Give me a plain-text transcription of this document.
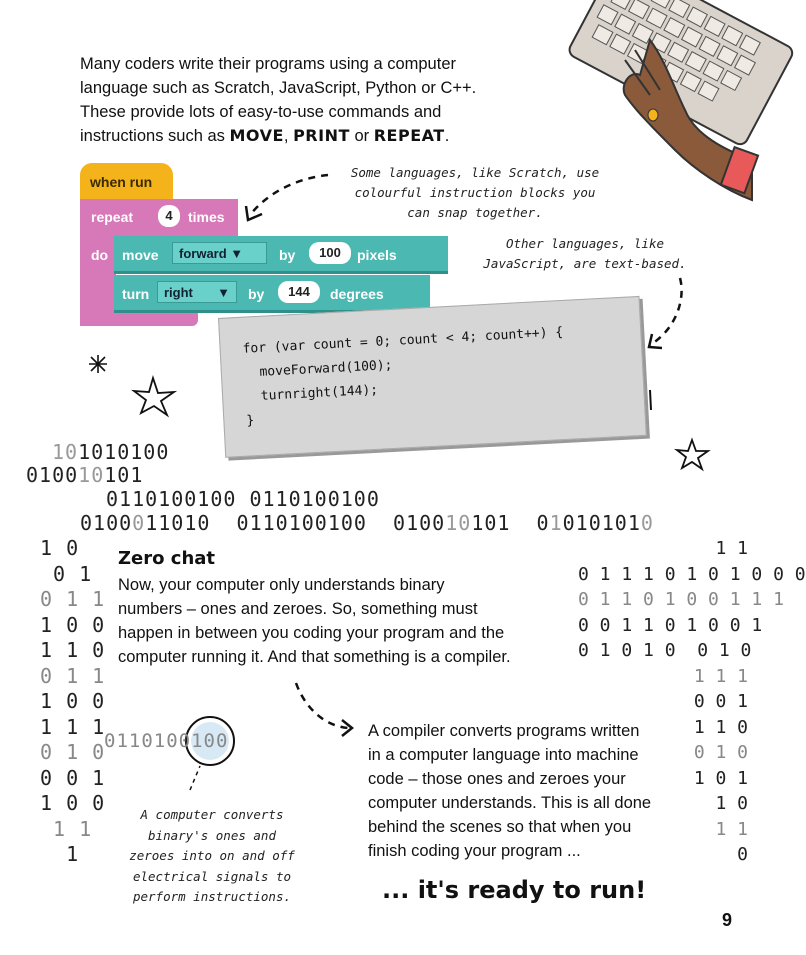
Many coders write their programs using a computer
language such as Scratch, JavaScript, Python or C++.
These provide lots of easy-to-use commands and
instructions such as MOVE, PRINT or REPEAT.
when run
repeat	4	times
do move	forward ▼	by	100	pixels
turn	right ▼ by	144	degrees
Some languages, like Scratch, use
colourful instruction blocks you
can snap together.
Other languages, like
JavaScript, are text-based.
for (var count = 0; count < 4; count++) {
moveForward(100);
turnright(144);
}
101010100
010010101
0110100100 0110100100
0100011010 0110100100 010010101 010101010
1 0
0 1
0 1 1
1 0 0
1 1 0
0 1 1
1 0 0
1 1 1
0 1 0
0 0 1
1 0 0
1 1
1
1 1
0 1 1 1 0 1 0 1 0 0 0
0 1 1 0 1 0 0 1 1 1
0 0 1 1 0 1 0 0 1
0 1 0 1 0  0 1 0
1 1 1
0 0 1
1 1 0
0 1 0
1 0 1
1 0
1 1
0
0110100100
Zero chat
Now, your computer only understands binary
numbers – ones and zeroes. So, something must
happen in between you coding your program and the
computer running it. And that something is a compiler.
A compiler converts programs written
in a computer language into machine
code – those ones and zeroes your
computer understands. This is all done
behind the scenes so that when you
finish coding your program ...
A computer converts
binary's ones and
zeroes into on and off
electrical signals to
perform instructions.	... it's ready to run!
9
